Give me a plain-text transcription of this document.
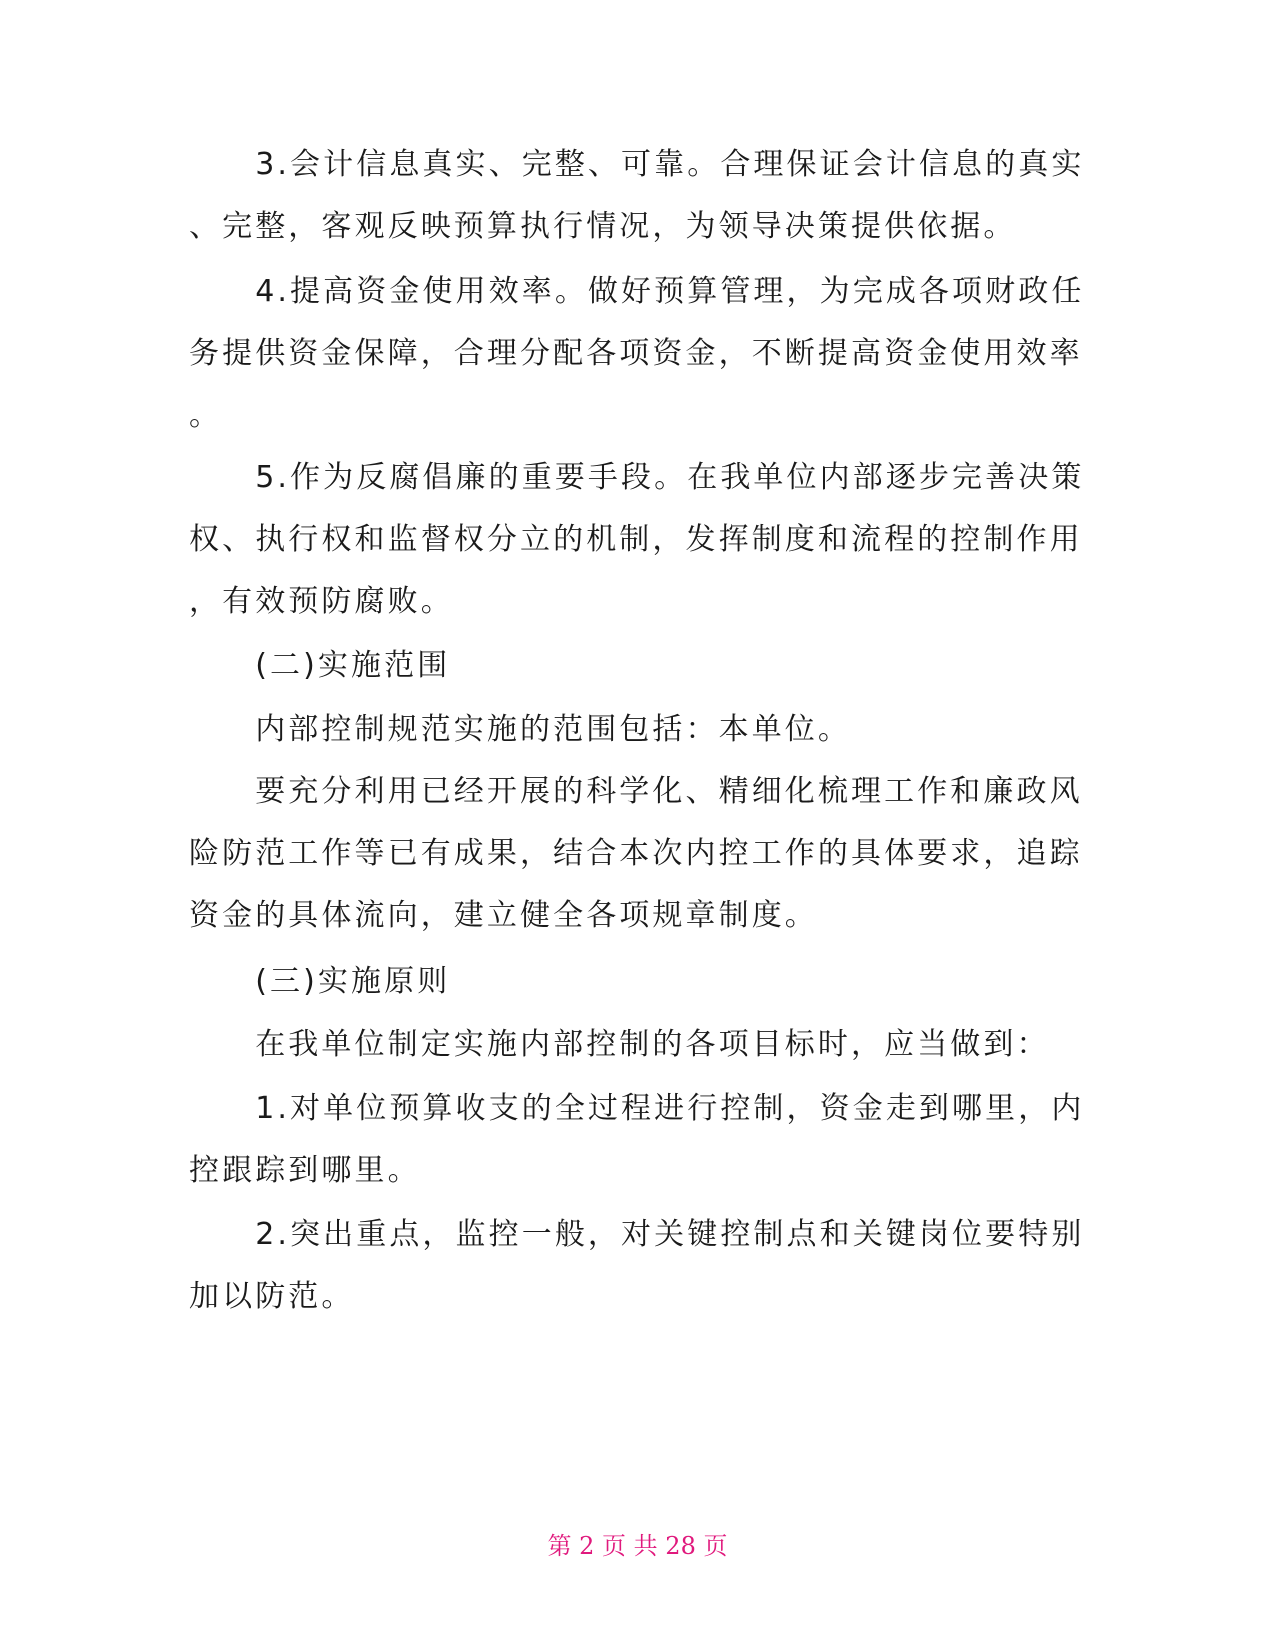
　　3.会计信息真实、完整、可靠。合理保证会计信息的真实
、完整，客观反映预算执行情况，为领导决策提供依据。
　　4.提高资金使用效率。做好预算管理，为完成各项财政任
务提供资金保障，合理分配各项资金，不断提高资金使用效率
。
　　5.作为反腐倡廉的重要手段。在我单位内部逐步完善决策
权、执行权和监督权分立的机制，发挥制度和流程的控制作用
，有效预防腐败。
　　(二)实施范围
　　内部控制规范实施的范围包括：本单位。
　　要充分利用已经开展的科学化、精细化梳理工作和廉政风
险防范工作等已有成果，结合本次内控工作的具体要求，追踪
资金的具体流向，建立健全各项规章制度。
　　(三)实施原则
　　在我单位制定实施内部控制的各项目标时，应当做到：
　　1.对单位预算收支的全过程进行控制，资金走到哪里，内
控跟踪到哪里。
　　2.突出重点，监控一般，对关键控制点和关键岗位要特别
加以防范。
第 2 页 共 28 页
